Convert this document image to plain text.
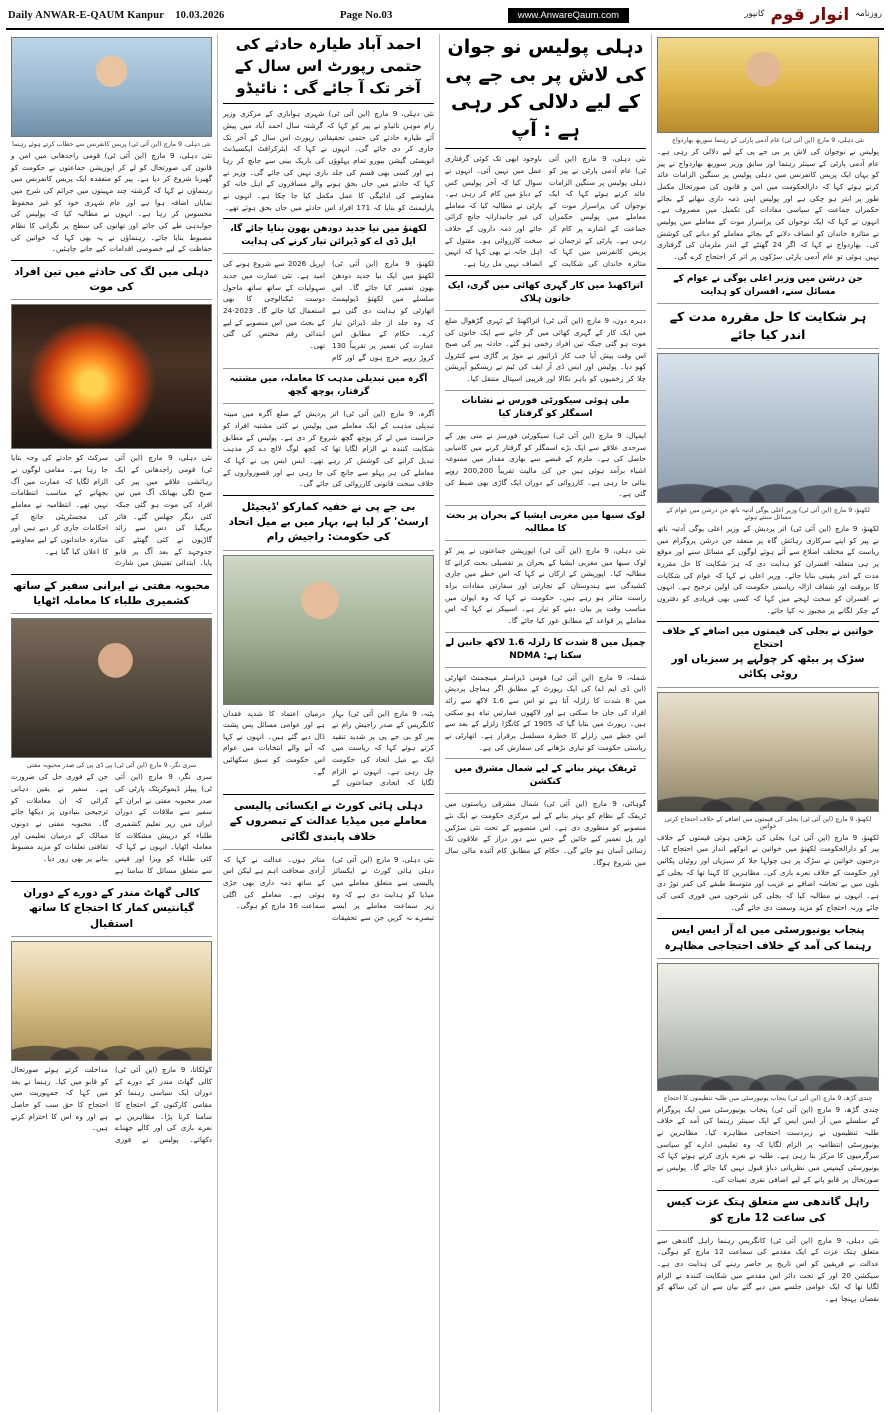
Daily ANWAR-E-QAUM Kanpur 10.03.2026	Page No.03	www.AnwareQaum.com	روزنامہ
انوار قوم
کانپور
نئی دہلی، 9 مارچ (این آئی ٹی) عام آدمی پارٹی کے رہنما سوربھ بھاردواج
پولیس نے نوجوان کی لاش پر بی جے پی کے لیے دلالی کر رہی ہے۔ عام آدمی پارٹی کے سینئر رہنما اور سابق وزیر سوربھ بھاردواج نے پیر کو یہاں ایک پریس کانفرنس میں دہلی پولیس پر سنگین الزامات عائد کرتے ہوئے کہا کہ دارالحکومت میں امن و قانون کی صورتحال مکمل طور پر ابتر ہو چکی ہے اور پولیس اپنی ذمہ داری نبھانے کے بجائے حکمراں جماعت کے سیاسی مفادات کی تکمیل میں مصروف ہے۔ انہوں نے کہا کہ ایک نوجوان کی پراسرار موت کے معاملے میں پولیس نے متاثرہ خاندان کو انصاف دلانے کے بجائے معاملے کو دبانے کی کوشش کی۔ بھاردواج نے کہا کہ اگر 24 گھنٹے کے اندر ملزمان کی گرفتاری نہیں ہوئی تو عام آدمی پارٹی سڑکوں پر اتر کر احتجاج کرے گی۔
جن درشن میں وزیر اعلی یوگی نے عوام کے مسائل سنے، افسران کو ہدایت
ہر شکایت کا حل مقررہ مدت کے اندر کیا جائے
لکھنؤ، 9 مارچ (این آئی ٹی) وزیر اعلی یوگی آدتیہ ناتھ جن درشن میں عوام کے مسائل سنتے ہوئے
لکھنؤ، 9 مارچ (این آئی ٹی) اتر پردیش کے وزیر اعلی یوگی آدتیہ ناتھ نے پیر کو اپنے سرکاری رہائش گاہ پر منعقد جن درشن پروگرام میں ریاست کے مختلف اضلاع سے آئے ہوئے لوگوں کے مسائل سنے اور موقع پر ہی متعلقہ افسران کو ہدایت دی کہ ہر شکایت کا حل مقررہ مدت کے اندر یقینی بنایا جائے۔ وزیر اعلی نے کہا کہ عوام کی شکایات کا بروقت اور شفاف ازالہ ریاستی حکومت کی اولین ترجیح ہے۔ انہوں نے افسران کو سخت لہجے میں کہا کہ کسی بھی فریادی کو دفتروں کے چکر لگانے پر مجبور نہ کیا جائے۔
خواتین نے بجلی کی قیمتوں میں اضافے کے خلاف احتجاج
سڑک پر بیٹھ کر چولہے پر سبزیاں اور روٹی پکائی
لکھنؤ، 9 مارچ (این آئی ٹی) بجلی کی قیمتوں میں اضافے کے خلاف احتجاج کرتی خواتین
لکھنؤ، 9 مارچ (این آئی ٹی) بجلی کی بڑھتی ہوئی قیمتوں کے خلاف پیر کو دارالحکومت لکھنؤ میں خواتین نے انوکھے انداز میں احتجاج کیا۔ درجنوں خواتین نے سڑک پر ہی چولہا جلا کر سبزیاں اور روٹیاں پکائیں اور حکومت کے خلاف نعرے بازی کی۔ مظاہرین کا کہنا تھا کہ بجلی کے بلوں میں بے تحاشہ اضافے نے غریب اور متوسط طبقے کی کمر توڑ دی ہے۔ انہوں نے مطالبہ کیا کہ بجلی کی شرحوں میں فوری کمی کی جائے ورنہ احتجاج کو مزید وسعت دی جائے گی۔
پنجاب یونیورسٹی میں اے آر ایس ایس رہنما کی آمد کے خلاف احتجاجی مظاہرہ
چندی گڑھ، 9 مارچ (این آئی ٹی) پنجاب یونیورسٹی میں طلبہ تنظیموں کا احتجاج
چندی گڑھ، 9 مارچ (این آئی ٹی) پنجاب یونیورسٹی میں ایک پروگرام کے سلسلے میں آر ایس ایس کے ایک سینئر رہنما کی آمد کے خلاف طلبہ تنظیموں نے زبردست احتجاجی مظاہرہ کیا۔ مظاہرین نے یونیورسٹی انتظامیہ پر الزام لگایا کہ وہ تعلیمی ادارے کو سیاسی سرگرمیوں کا مرکز بنا رہی ہے۔ طلبہ نے نعرے بازی کرتے ہوئے کہا کہ یونیورسٹی کیمپس میں نظریاتی دباؤ قبول نہیں کیا جائے گا۔ پولیس نے صورتحال پر قابو پانے کے لیے اضافی نفری تعینات کی۔
راہل گاندھی سے متعلق ہتک عزت کیس کی ساعت 12 مارچ کو
نئی دہلی، 9 مارچ (این آئی ٹی) کانگریس رہنما راہل گاندھی سے متعلق ہتک عزت کے ایک مقدمے کی سماعت 12 مارچ کو ہوگی۔ عدالت نے فریقین کو اس تاریخ پر حاضر رہنے کی ہدایت دی ہے۔ سیکشن 20 اور کے تحت دائر اس مقدمے میں شکایت کنندہ نے الزام لگایا تھا کہ ایک عوامی جلسے میں دیے گئے بیان سے ان کی ساکھ کو نقصان پہنچا ہے۔
دہلی پولیس نو جوان کی لاش پر بی جے پی کے لیے دلالی کر رہی ہے : آپ
نئی دہلی، 9 مارچ (این آئی ٹی) عام آدمی پارٹی نے پیر کو دہلی پولیس پر سنگین الزامات عائد کرتے ہوئے کہا کہ ایک نوجوان کی پراسرار موت کے معاملے میں پولیس حکمراں جماعت کے اشارے پر کام کر رہی ہے۔ پارٹی کے ترجمان نے پریس کانفرنس میں کہا کہ متاثرہ خاندان کی شکایت کے باوجود ابھی تک کوئی گرفتاری عمل میں نہیں آئی۔ انہوں نے سوال کیا کہ آخر پولیس کس کے دباؤ میں کام کر رہی ہے۔ پارٹی نے مطالبہ کیا کہ معاملے کی غیر جانبدارانہ جانچ کرائی جائے اور ذمہ داروں کے خلاف سخت کارروائی ہو۔ مقتول کے اہل خانہ نے بھی کہا کہ انہیں انصاف نہیں مل رہا ہے۔
اتراکھنڈ میں کار گہری کھائی میں گری، ایک خاتون ہلاک
دہرہ دون، 9 مارچ (این آئی ٹی) اتراکھنڈ کے ٹہری گڑھوال ضلع میں ایک کار کے گہری کھائی میں گر جانے سے ایک خاتون کی موت ہو گئی جبکہ تین افراد زخمی ہو گئے۔ حادثہ پیر کی صبح اس وقت پیش آیا جب کار ڈرائیور نے موڑ پر گاڑی سے کنٹرول کھو دیا۔ پولیس اور ایس ڈی آر ایف کی ٹیم نے ریسکیو آپریشن چلا کر زخمیوں کو باہر نکالا اور قریبی اسپتال منتقل کیا۔
ملی ہوئی سیکورٹی فورس نے نشانات اسمگلر کو گرفتار کیا
ایمپال، 9 مارچ (این آئی ٹی) سیکورٹی فورسز نے منی پور کے سرحدی علاقے سے ایک بڑے اسمگلر کو گرفتار کرنے میں کامیابی حاصل کی ہے۔ ملزم کے قبضے سے بھاری مقدار میں ممنوعہ اشیاء برآمد ہوئی ہیں جن کی مالیت تقریباً 200,200 روپے بتائی جا رہی ہے۔ کارروائی کے دوران ایک گاڑی بھی ضبط کی گئی ہے۔
لوک سبھا میں مغربی ایشیا کے بحران پر بحث کا مطالبہ
نئی دہلی، 9 مارچ (این آئی ٹی) اپوزیشن جماعتوں نے پیر کو لوک سبھا میں مغربی ایشیا کے بحران پر تفصیلی بحث کرانے کا مطالبہ کیا۔ اپوزیشن کے ارکان نے کہا کہ اس خطے میں جاری کشیدگی سے ہندوستان کے تجارتی اور سفارتی مفادات براہ راست متاثر ہو رہے ہیں۔ حکومت نے کہا کہ وہ ایوان میں مناسب وقت پر بیان دینے کو تیار ہے۔ اسپیکر نے کہا کہ اس معاملے پر قواعد کے مطابق غور کیا جائے گا۔
چمپل میں 8 شدت کا زلزلہ 1.6 لاکھ جانیں لے سکتا ہے: NDMA
شملہ، 9 مارچ (این آئی ٹی) قومی ڈیزاسٹر مینجمنٹ اتھارٹی (این ڈی ایم اے) کی ایک رپورٹ کے مطابق اگر ہماچل پردیش میں 8 شدت کا زلزلہ آتا ہے تو اس سے 1.6 لاکھ سے زائد افراد کی جان جا سکتی ہے اور لاکھوں عمارتیں تباہ ہو سکتی ہیں۔ رپورٹ میں بتایا گیا کہ 1905 کے کانگڑا زلزلے کے بعد سے اس خطے میں زلزلے کا خطرہ مسلسل برقرار ہے۔ اتھارٹی نے ریاستی حکومت کو تیاری بڑھانے کی سفارش کی ہے۔
ٹریفک بہتر بنانے کے لیے شمال مشرق میں کنکشن
گوہاٹی، 9 مارچ (این آئی ٹی) شمال مشرقی ریاستوں میں ٹریفک کے نظام کو بہتر بنانے کے لیے مرکزی حکومت نے ایک نئے منصوبے کو منظوری دی ہے۔ اس منصوبے کے تحت نئی سڑکیں اور پل تعمیر کیے جائیں گے جس سے دور دراز کے علاقوں تک رسائی آسان ہو جائے گی۔ حکام کے مطابق کام آئندہ مالی سال میں شروع ہوگا۔
احمد آباد طیارہ حادثے کی حتمی رپورٹ اس سال کے آخر تک آ جائے گی : نائیڈو
نئی دہلی، 9 مارچ (این آئی ٹی) شہری ہوابازی کے مرکزی وزیر رام موہن نائیڈو نے پیر کو کہا کہ گزشتہ سال احمد آباد میں پیش آئے طیارہ حادثے کی حتمی تحقیقاتی رپورٹ اس سال کے آخر تک جاری کر دی جائے گی۔ انہوں نے کہا کہ ایئرکرافٹ ایکسیڈنٹ انویسٹی گیشن بیورو تمام پہلوؤں کی باریک بینی سے جانچ کر رہا ہے اور کسی بھی قسم کی جلد بازی نہیں کی جائے گی۔ وزیر نے کہا کہ حادثے میں جاں بحق ہونے والے مسافروں کے اہل خانہ کو معاوضے کی ادائیگی کا عمل مکمل کیا جا چکا ہے۔ انہوں نے پارلیمنٹ کو بتایا کہ 171 افراد اس حادثے میں جاں بحق ہوئے تھے۔
لکھنؤ میں نیا جدید دودھن بھون بنایا جائے گا، ایل ڈی اے کو ڈیزائن تیار کرنے کی ہدایت
لکھنؤ، 9 مارچ (این آئی ٹی) لکھنؤ میں ایک نیا جدید دودھن بھون تعمیر کیا جائے گا۔ اس سلسلے میں لکھنؤ ڈیولپمنٹ اتھارٹی کو ہدایت دی گئی ہے کہ وہ جلد از جلد ڈیزائن تیار کرے۔ حکام کے مطابق اس عمارت کی تعمیر پر تقریباً 130 کروڑ روپے خرچ ہوں گے اور کام اپریل 2026 سے شروع ہونے کی امید ہے۔ نئی عمارت میں جدید سہولیات کے ساتھ ساتھ ماحول دوست ٹیکنالوجی کا بھی استعمال کیا جائے گا۔ 2023-24 کے بجٹ میں اس منصوبے کے لیے ابتدائی رقم مختص کی گئی تھی۔
آگرہ میں تبدیلی مذہب کا معاملہ، میں مشتبہ گرفتار، پوچھ گچھ
آگرہ، 9 مارچ (این آئی ٹی) اتر پردیش کے ضلع آگرہ میں مبینہ تبدیلی مذہب کے ایک معاملے میں پولیس نے کئی مشتبہ افراد کو حراست میں لے کر پوچھ گچھ شروع کر دی ہے۔ پولیس کے مطابق شکایت کنندہ نے الزام لگایا تھا کہ کچھ لوگ لالچ دے کر مذہب تبدیل کرانے کی کوشش کر رہے تھے۔ ایس ایس پی نے کہا کہ معاملے کی ہر پہلو سے جانچ کی جا رہی ہے اور قصورواروں کے خلاف سخت قانونی کارروائی کی جائے گی۔
بی جے پی نے خفیہ کمارکو 'ڈیجیٹل ارسٹ' کر لیا ہے، بہار میں بے میل اتحاد کی حکومت: راجیش رام
پٹنہ، 9 مارچ (این آئی ٹی) بہار کانگریس کے صدر راجیش رام نے پیر کو بی جے پی پر شدید تنقید کرتے ہوئے کہا کہ ریاست میں ایک بے میل اتحاد کی حکومت چل رہی ہے۔ انہوں نے الزام لگایا کہ اتحادی جماعتوں کے درمیان اعتماد کا شدید فقدان ہے اور عوامی مسائل پس پشت ڈال دیے گئے ہیں۔ انہوں نے کہا کہ آنے والے انتخابات میں عوام اس حکومت کو سبق سکھائیں گے۔
دہلی ہائی کورٹ نے ایکسائی پالیسی معاملے میں میڈیا عدالت کے تبصروں کے خلاف پابندی لگائی
نئی دہلی، 9 مارچ (این آئی ٹی) دہلی ہائی کورٹ نے ایکسائز پالیسی سے متعلق معاملے میں میڈیا کو ہدایت دی ہے کہ وہ زیر سماعت معاملے پر ایسے تبصرے نہ کریں جن سے تحقیقات متاثر ہوں۔ عدالت نے کہا کہ آزادی صحافت اہم ہے لیکن اس کے ساتھ ذمہ داری بھی جڑی ہوئی ہے۔ معاملے کی اگلی سماعت 16 مارچ کو ہوگی۔
نئی دہلی، 9 مارچ (این آئی ٹی) پریس کانفرنس سے خطاب کرتے ہوئے رہنما
نئی دہلی، 9 مارچ (این آئی ٹی) قومی راجدھانی میں امن و قانون کی صورتحال کو لے کر اپوزیشن جماعتوں نے حکومت کو گھیرنا شروع کر دیا ہے۔ پیر کو منعقدہ ایک پریس کانفرنس میں رہنماؤں نے کہا کہ گزشتہ چند مہینوں میں جرائم کی شرح میں نمایاں اضافہ ہوا ہے اور عام شہری خود کو غیر محفوظ محسوس کر رہا ہے۔ انہوں نے مطالبہ کیا کہ پولیس کی جوابدہی طے کی جائے اور تھانوں کی سطح پر نگرانی کا نظام مضبوط بنایا جائے۔ رہنماؤں نے یہ بھی کہا کہ خواتین کی حفاظت کے لیے خصوصی اقدامات کیے جانے چاہئیں۔
دہلی میں لگ کی حادثے میں تین افراد کی موت
نئی دہلی، 9 مارچ (این آئی ٹی) قومی راجدھانی کے ایک رہائشی علاقے میں پیر کی صبح لگی بھیانک آگ میں تین افراد کی موت ہو گئی جبکہ کئی دیگر جھلس گئے۔ فائر بریگیڈ کی دس سے زائد گاڑیوں نے کئی گھنٹے کی جدوجہد کے بعد آگ پر قابو پایا۔ ابتدائی تفتیش میں شارٹ سرکٹ کو حادثے کی وجہ بتایا جا رہا ہے۔ مقامی لوگوں نے الزام لگایا کہ عمارت میں آگ بجھانے کے مناسب انتظامات نہیں تھے۔ انتظامیہ نے معاملے کی مجسٹریٹی جانچ کے احکامات جاری کر دیے ہیں اور متاثرہ خاندانوں کے لیے معاوضے کا اعلان کیا گیا ہے۔
محبوبہ مفتی نے ایرانی سفیر کے ساتھ کشمیری طلباء کا معاملہ اٹھایا
سری نگر، 9 مارچ (این آئی ٹی) پی ڈی پی کی صدر محبوبہ مفتی
سری نگر، 9 مارچ (این آئی ٹی) پیپلز ڈیموکریٹک پارٹی کی صدر محبوبہ مفتی نے ایران کے سفیر سے ملاقات کے دوران ایران میں زیر تعلیم کشمیری طلباء کو درپیش مشکلات کا معاملہ اٹھایا۔ انہوں نے کہا کہ کئی طلباء کو ویزا اور فیس سے متعلق مسائل کا سامنا ہے جن کے فوری حل کی ضرورت ہے۔ سفیر نے یقین دہانی کرائی کہ ان معاملات کو ترجیحی بنیادوں پر دیکھا جائے گا۔ محبوبہ مفتی نے دونوں ممالک کے درمیان تعلیمی اور ثقافتی تعلقات کو مزید مضبوط بنانے پر بھی زور دیا۔
کالی گھاٹ مندر کے دورے کے دوران گیانتیس کمار کا احتجاج کا ساتھ استقبال
کولکاتا، 9 مارچ (این آئی ٹی) کالی گھاٹ مندر کے دورے کے دوران ایک سیاسی رہنما کو مقامی کارکنوں کے احتجاج کا سامنا کرنا پڑا۔ مظاہرین نے نعرے بازی کی اور کالے جھنڈے دکھائے۔ پولیس نے فوری مداخلت کرتے ہوئے صورتحال کو قابو میں کیا۔ رہنما نے بعد میں کہا کہ جمہوریت میں احتجاج کا حق سب کو حاصل ہے اور وہ اس کا احترام کرتے ہیں۔
